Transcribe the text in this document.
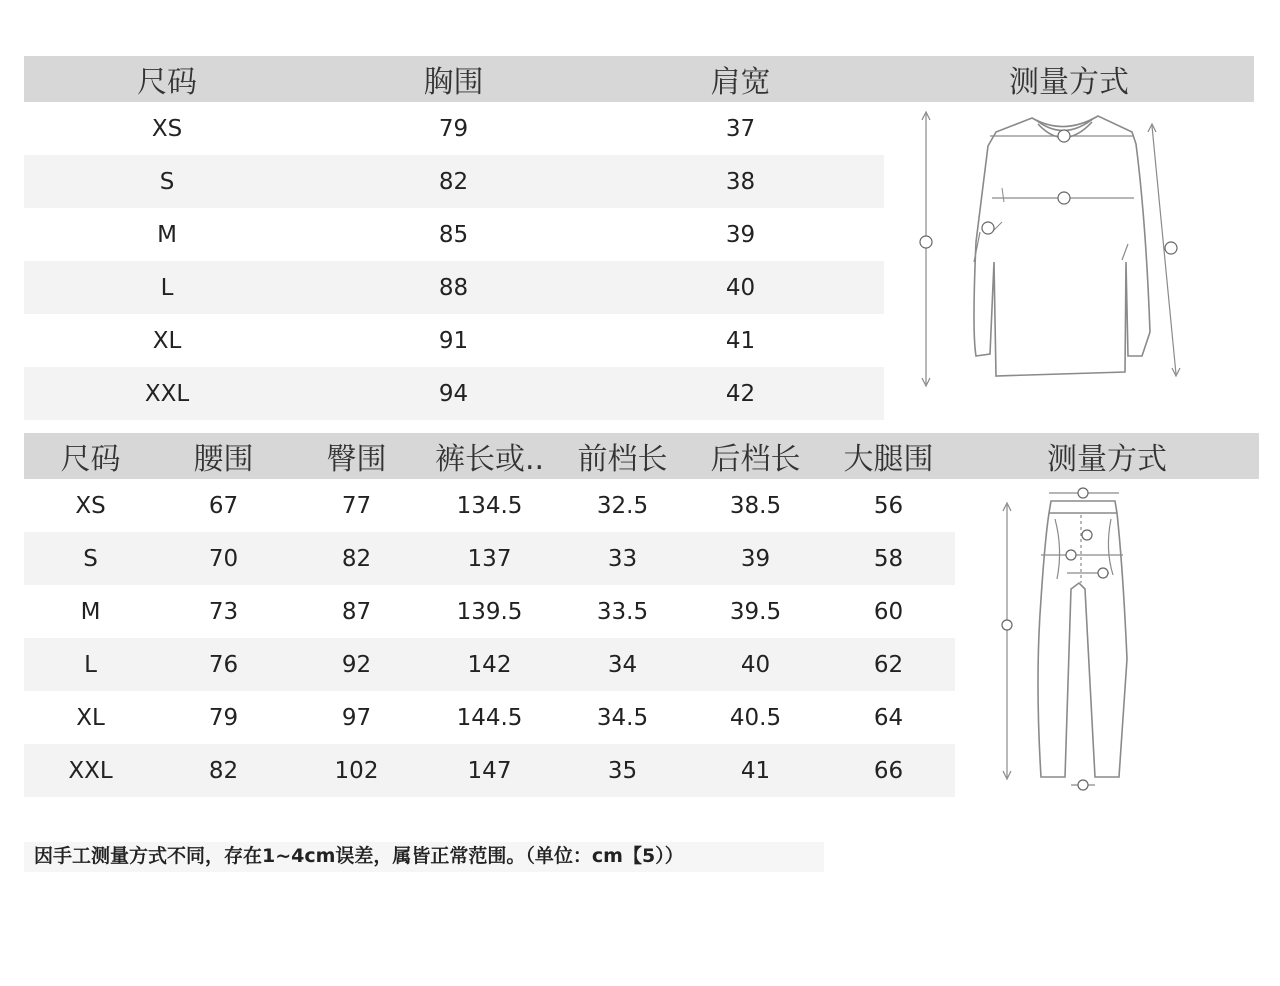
尺码	胸围	肩宽	测量方式
XS	79	37	

S	82	38	
M	85	39	
L	88	40	
XL	91	41	
XXL	94	42	
尺码	腰围	臀围	裤长或..	前档长	后档长	大腿围	测量方式
XS	67	77	134.5	32.5	38.5	56	

S	70	82	137	33	39	58	
M	73	87	139.5	33.5	39.5	60	
L	76	92	142	34	40	62	
XL	79	97	144.5	34.5	40.5	64	
XXL	82	102	147	35	41	66	
因手工测量方式不同，存在1~4cm误差，属皆正常范围。（单位：cm【5））
